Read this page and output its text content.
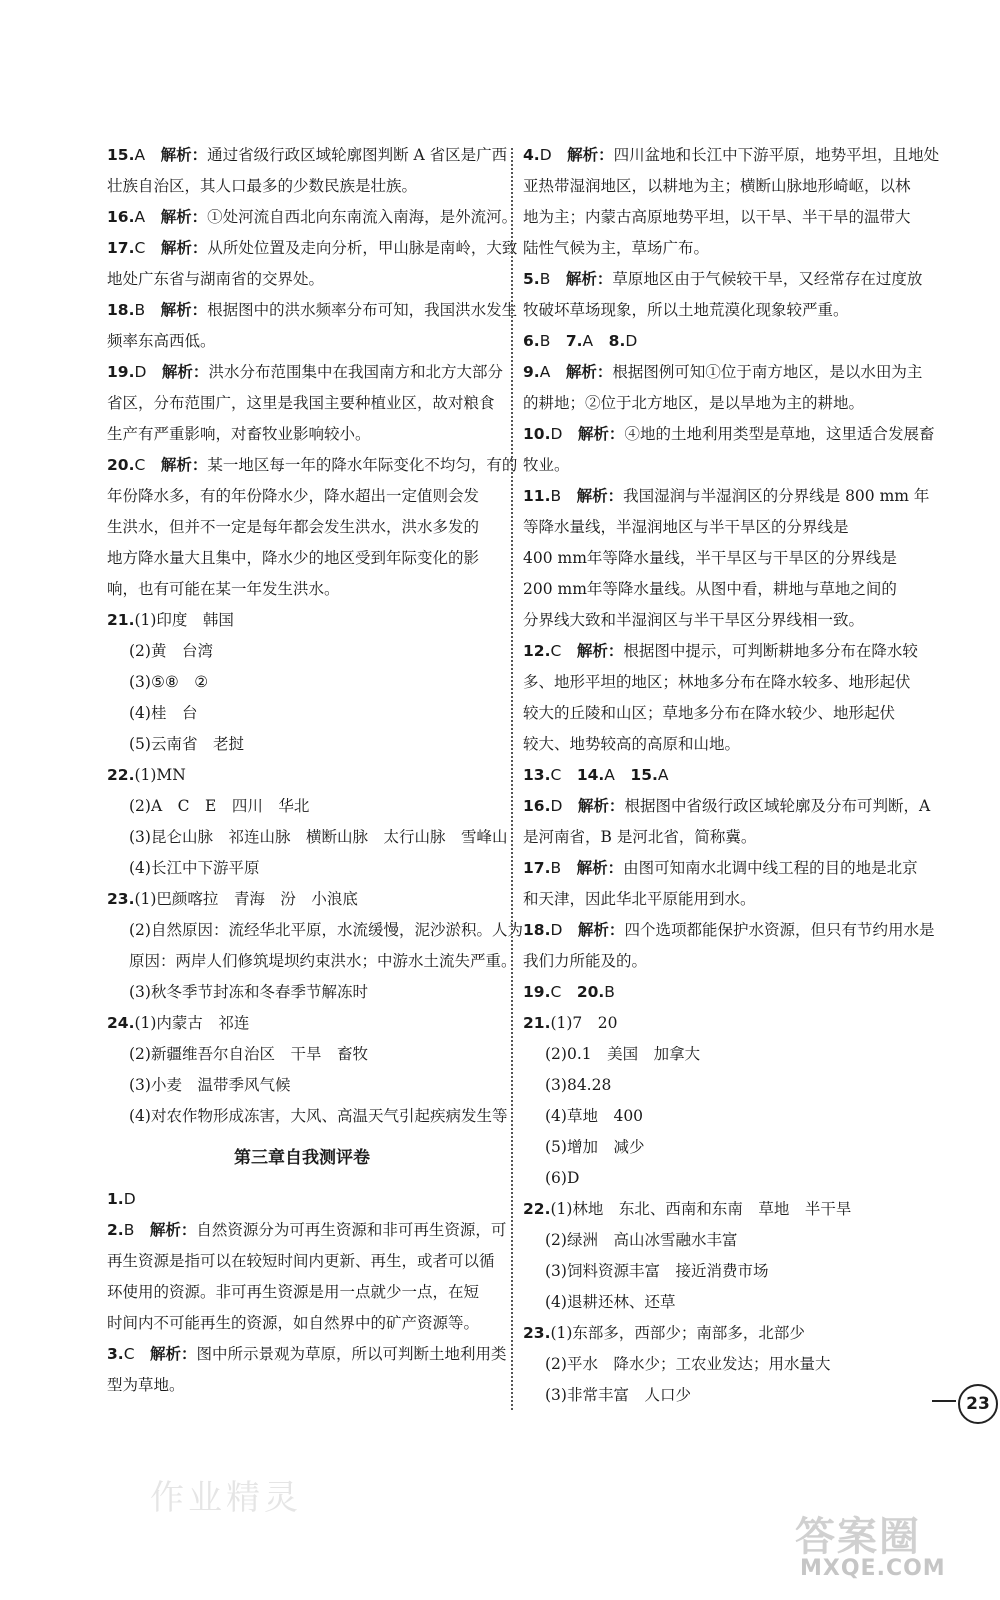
15.A　 解析：通过省级行政区域轮廓图判断 A 省区是广西
壮族自治区，其人口最多的少数民族是壮族。
16.A　 解析：①处河流自西北向东南流入南海，是外流河。
17.C　 解析：从所处位置及走向分析，甲山脉是南岭，大致
地处广东省与湖南省的交界处。
18.B　 解析：根据图中的洪水频率分布可知，我国洪水发生
频率东高西低。
19.D　 解析：洪水分布范围集中在我国南方和北方大部分
省区，分布范围广，这里是我国主要种植业区，故对粮食
生产有严重影响，对畜牧业影响较小。
20.C　 解析：某一地区每一年的降水年际变化不均匀，有的
年份降水多，有的年份降水少，降水超出一定值则会发
生洪水，但并不一定是每年都会发生洪水，洪水多发的
地方降水量大且集中，降水少的地区受到年际变化的影
响，也有可能在某一年发生洪水。
21.(1)印度　韩国
(2)黄　台湾
(3)⑤⑧　②
(4)桂　台
(5)云南省　老挝
22.(1)MN
(2)A　C　E　四川　华北
(3)昆仑山脉　祁连山脉　横断山脉　太行山脉　雪峰山
(4)长江中下游平原
23.(1)巴颜喀拉　青海　汾　小浪底
(2)自然原因：流经华北平原，水流缓慢，泥沙淤积。人为
原因：两岸人们修筑堤坝约束洪水；中游水土流失严重。
(3)秋冬季节封冻和冬春季节解冻时
24.(1)内蒙古　祁连
(2)新疆维吾尔自治区　干旱　畜牧
(3)小麦　温带季风气候
(4)对农作物形成冻害，大风、高温天气引起疾病发生等
第三章自我测评卷
1.D
2.B　 解析：自然资源分为可再生资源和非可再生资源，可
再生资源是指可以在较短时间内更新、再生，或者可以循
环使用的资源。非可再生资源是用一点就少一点，在短
时间内不可能再生的资源，如自然界中的矿产资源等。
3.C　 解析：图中所示景观为草原，所以可判断土地利用类
型为草地。
4.D　 解析：四川盆地和长江中下游平原，地势平坦，且地处
亚热带湿润地区，以耕地为主；横断山脉地形崎岖，以林
地为主；内蒙古高原地势平坦，以干旱、半干旱的温带大
陆性气候为主，草场广布。
5.B　 解析：草原地区由于气候较干旱，又经常存在过度放
牧破坏草场现象，所以土地荒漠化现象较严重。
6.B　 7.A　 8.D
9.A　 解析：根据图例可知①位于南方地区，是以水田为主
的耕地；②位于北方地区，是以旱地为主的耕地。
10.D　 解析：④地的土地利用类型是草地，这里适合发展畜
牧业。
11.B　 解析：我国湿润与半湿润区的分界线是 800 mm 年
等降水量线，半湿润地区与半干旱区的分界线是
400 mm年等降水量线，半干旱区与干旱区的分界线是
200 mm年等降水量线。从图中看，耕地与草地之间的
分界线大致和半湿润区与半干旱区分界线相一致。
12.C　 解析：根据图中提示，可判断耕地多分布在降水较
多、地形平坦的地区；林地多分布在降水较多、地形起伏
较大的丘陵和山区；草地多分布在降水较少、地形起伏
较大、地势较高的高原和山地。
13.C　 14.A　 15.A
16.D　 解析：根据图中省级行政区域轮廓及分布可判断，A
是河南省，B 是河北省，简称冀。
17.B　 解析：由图可知南水北调中线工程的目的地是北京
和天津，因此华北平原能用到水。
18.D　 解析：四个选项都能保护水资源，但只有节约用水是
我们力所能及的。
19.C　 20.B
21.(1)7　20
(2)0.1　美国　加拿大
(3)84.28
(4)草地　400
(5)增加　减少
(6)D
22.(1)林地　东北、西南和东南　草地　半干旱
(2)绿洲　高山冰雪融水丰富
(3)饲料资源丰富　接近消费市场
(4)退耕还林、还草
23.(1)东部多，西部少；南部多，北部少
(2)平水　降水少；工农业发达；用水量大
(3)非常丰富　人口少	23
作业精灵
答案圈
MXQE.COM
